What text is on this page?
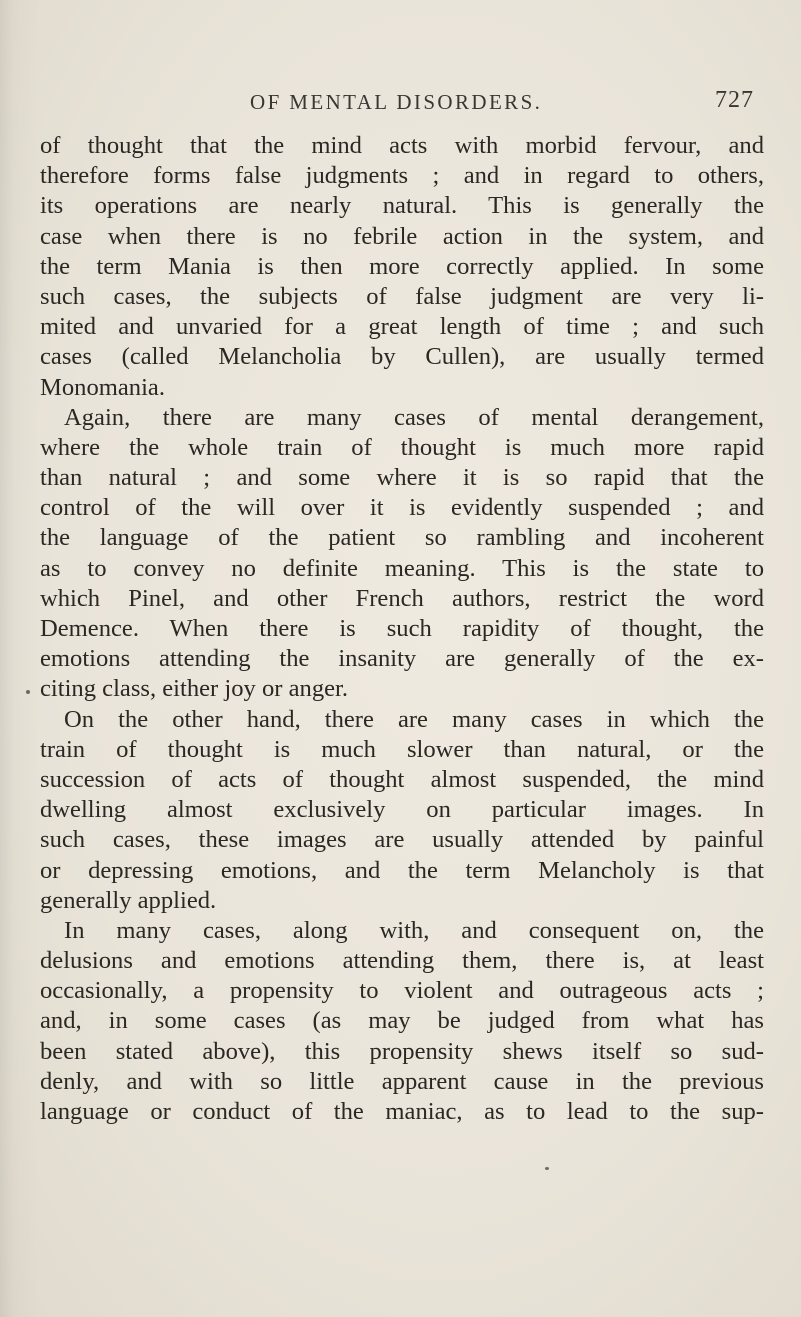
OF MENTAL DISORDERS.	727
of thought that the mind acts with morbid fervour, and
therefore forms false judgments ; and in regard to others,
its operations are nearly natural. This is generally the
case when there is no febrile action in the system, and
the term Mania is then more correctly applied. In some
such cases, the subjects of false judgment are very li-
mited and unvaried for a great length of time ; and such
cases (called Melancholia by Cullen), are usually termed
Monomania.
Again, there are many cases of mental derangement,
where the whole train of thought is much more rapid
than natural ; and some where it is so rapid that the
control of the will over it is evidently suspended ; and
the language of the patient so rambling and incoherent
as to convey no definite meaning. This is the state to
which Pinel, and other French authors, restrict the word
Demence. When there is such rapidity of thought, the
emotions attending the insanity are generally of the ex-
citing class, either joy or anger.
On the other hand, there are many cases in which the
train of thought is much slower than natural, or the
succession of acts of thought almost suspended, the mind
dwelling almost exclusively on particular images. In
such cases, these images are usually attended by painful
or depressing emotions, and the term Melancholy is that
generally applied.
In many cases, along with, and consequent on, the
delusions and emotions attending them, there is, at least
occasionally, a propensity to violent and outrageous acts ;
and, in some cases (as may be judged from what has
been stated above), this propensity shews itself so sud-
denly, and with so little apparent cause in the previous
language or conduct of the maniac, as to lead to the sup-
